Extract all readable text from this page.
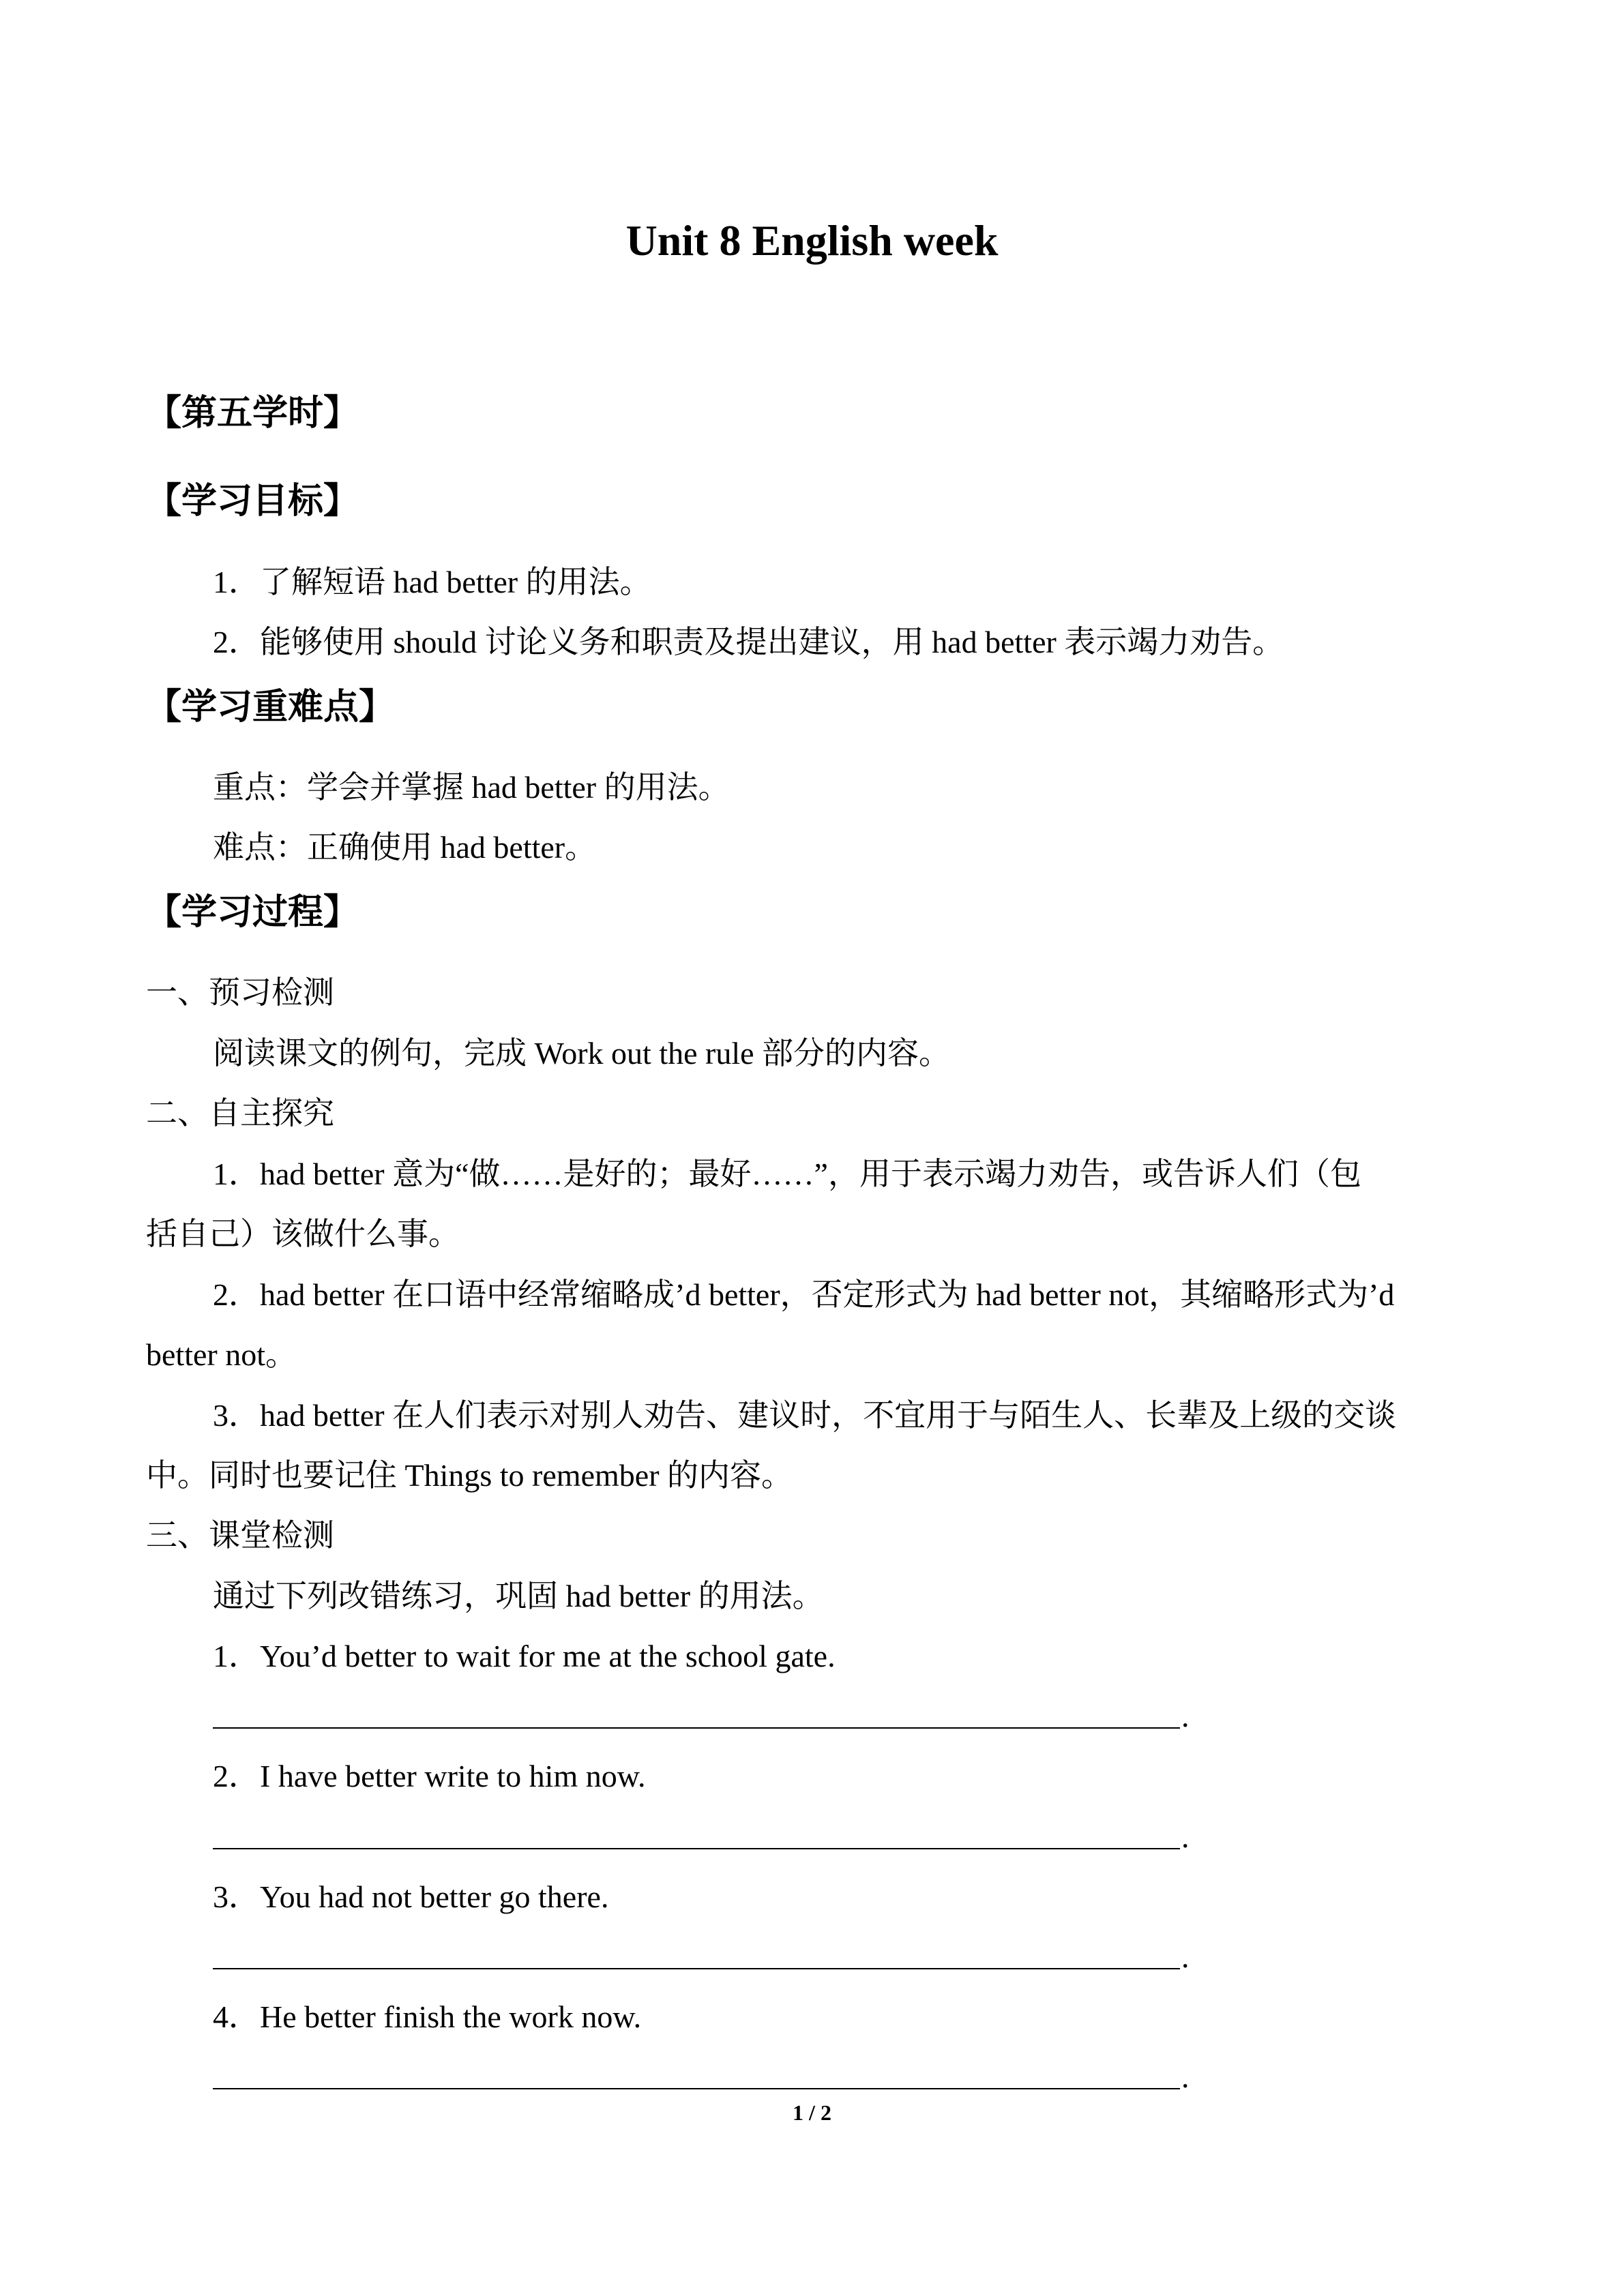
Unit 8 English week
【第五学时】
【学习目标】
1．了解短语 had better 的用法。
2．能够使用 should 讨论义务和职责及提出建议，用 had better 表示竭力劝告。
【学习重难点】
重点：学会并掌握 had better 的用法。
难点：正确使用 had better。
【学习过程】
一、预习检测
阅读课文的例句，完成 Work out the rule 部分的内容。
二、自主探究
1．had better 意为“做……是好的；最好……”，用于表示竭力劝告，或告诉人们（包
括自己）该做什么事。
2．had better 在口语中经常缩略成’d better，否定形式为 had better not，其缩略形式为’d
better not。
3．had better 在人们表示对别人劝告、建议时，不宜用于与陌生人、长辈及上级的交谈
中。同时也要记住 Things to remember 的内容。
三、课堂检测
通过下列改错练习，巩固 had better 的用法。
1．You’d better to wait for me at the school gate.
.
2．I have better write to him now.
.
3．You had not better go there.
.
4．He better finish the work now.
.
1 / 2
